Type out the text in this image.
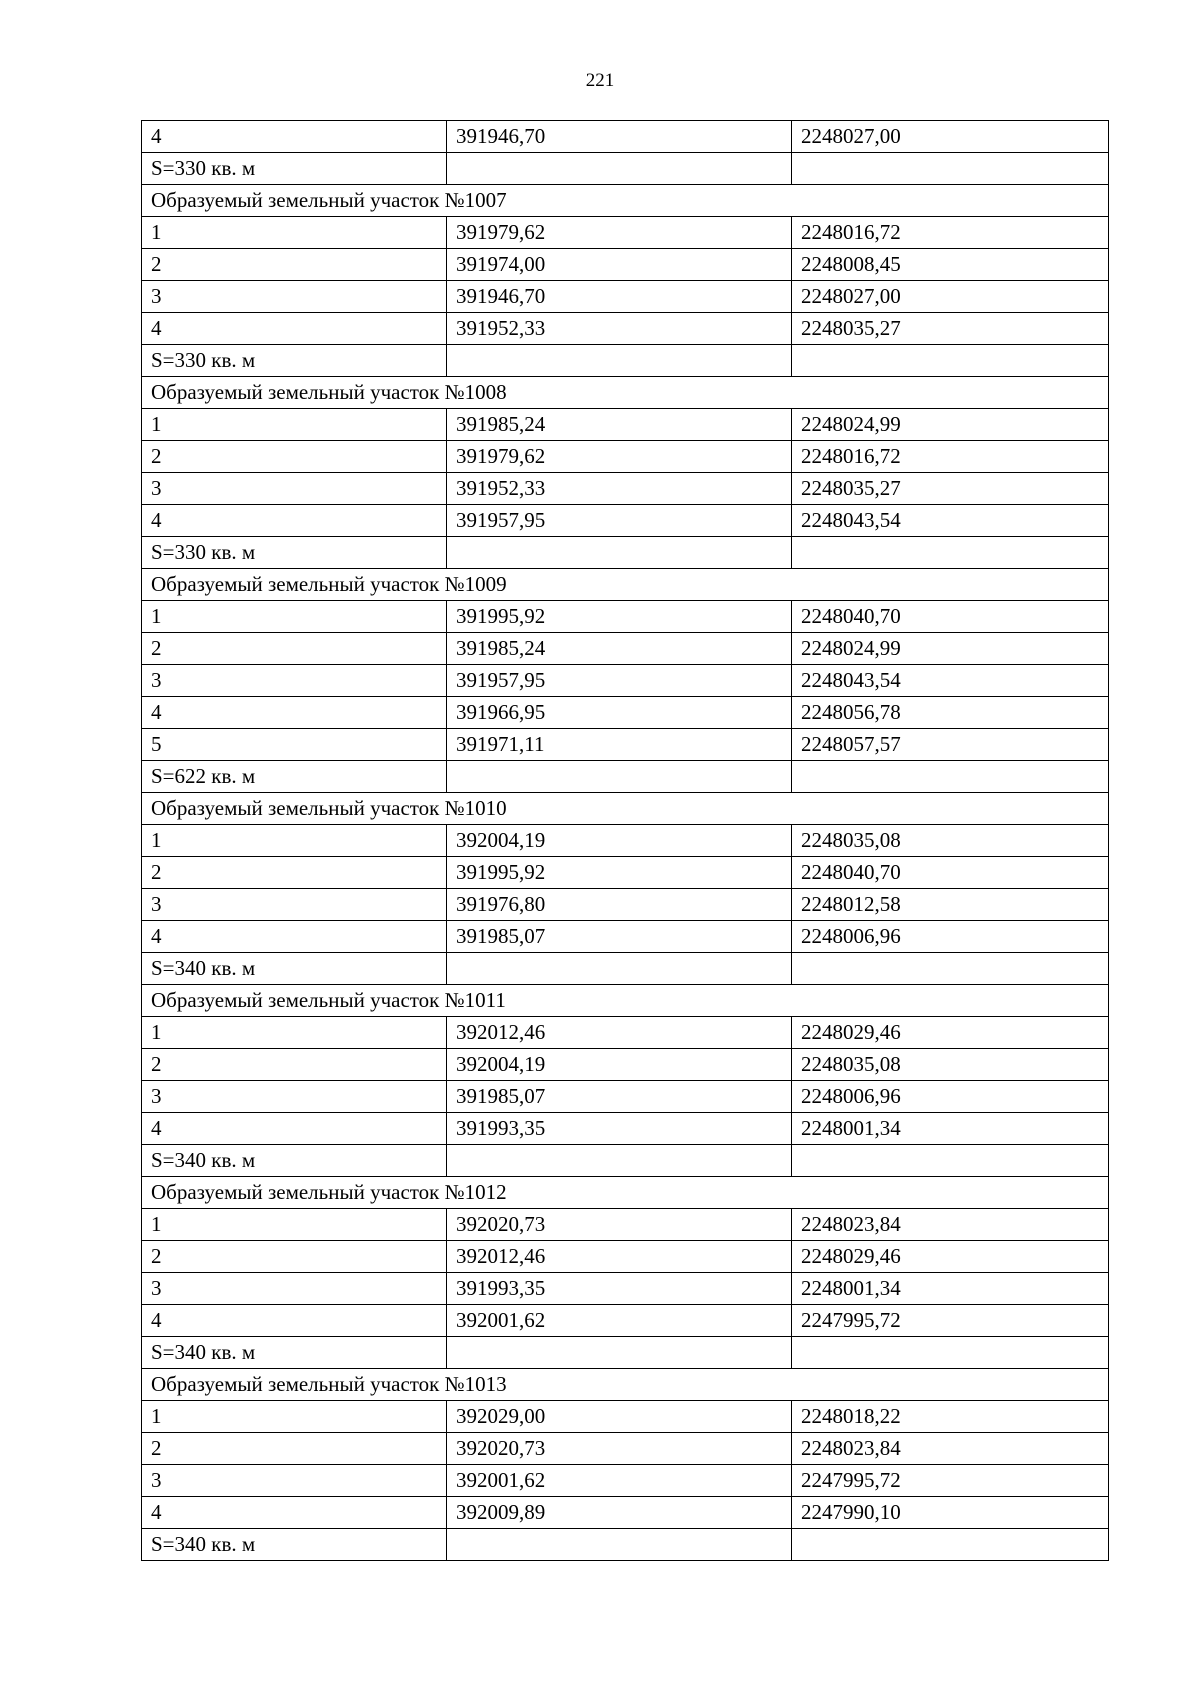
221
4	391946,70	2248027,00
S=330 кв. м		
Образуемый земельный участок №1007		
1	391979,62	2248016,72
2	391974,00	2248008,45
3	391946,70	2248027,00
4	391952,33	2248035,27
S=330 кв. м		
Образуемый земельный участок №1008		
1	391985,24	2248024,99
2	391979,62	2248016,72
3	391952,33	2248035,27
4	391957,95	2248043,54
S=330 кв. м		
Образуемый земельный участок №1009		
1	391995,92	2248040,70
2	391985,24	2248024,99
3	391957,95	2248043,54
4	391966,95	2248056,78
5	391971,11	2248057,57
S=622 кв. м		
Образуемый земельный участок №1010		
1	392004,19	2248035,08
2	391995,92	2248040,70
3	391976,80	2248012,58
4	391985,07	2248006,96
S=340 кв. м		
Образуемый земельный участок №1011		
1	392012,46	2248029,46
2	392004,19	2248035,08
3	391985,07	2248006,96
4	391993,35	2248001,34
S=340 кв. м		
Образуемый земельный участок №1012		
1	392020,73	2248023,84
2	392012,46	2248029,46
3	391993,35	2248001,34
4	392001,62	2247995,72
S=340 кв. м		
Образуемый земельный участок №1013		
1	392029,00	2248018,22
2	392020,73	2248023,84
3	392001,62	2247995,72
4	392009,89	2247990,10
S=340 кв. м		
